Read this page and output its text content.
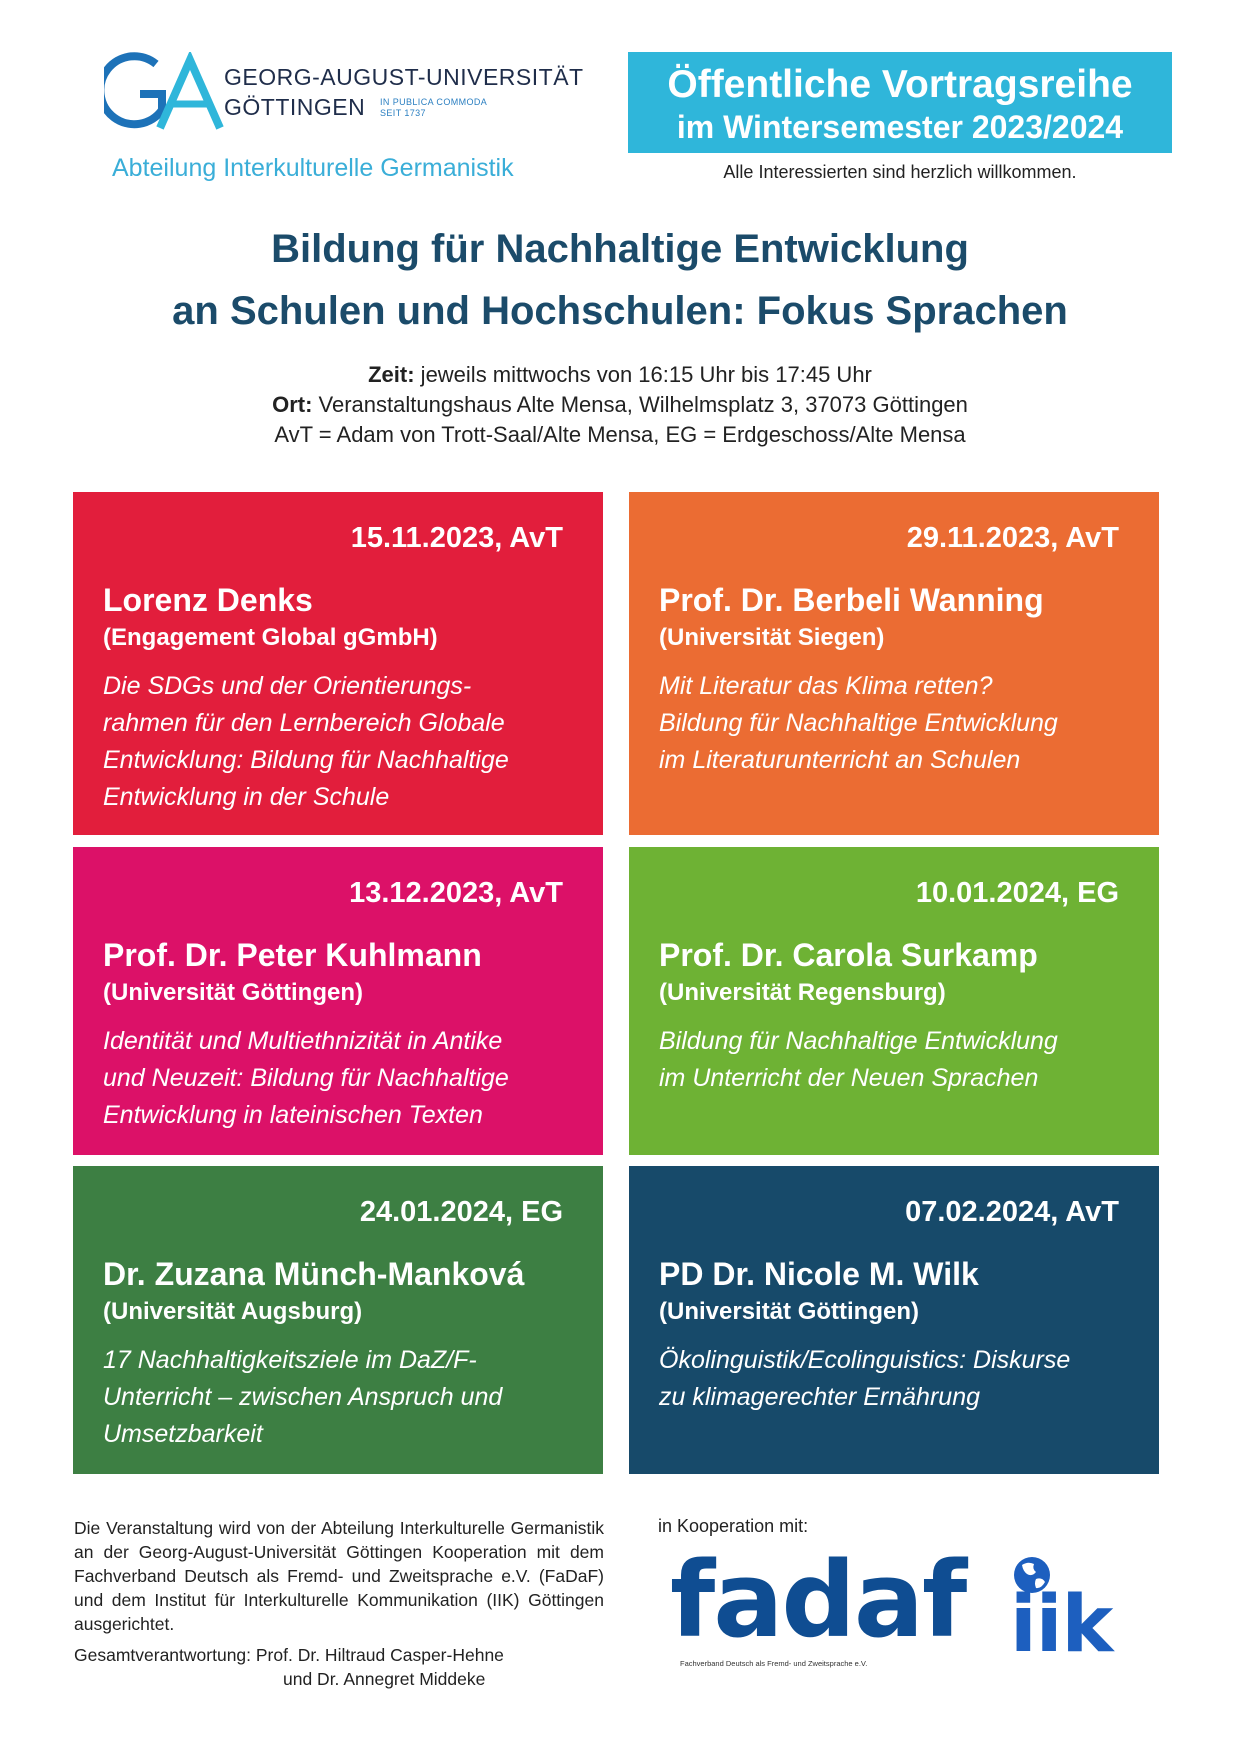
GEORG-AUGUST-UNIVERSITÄT
GÖTTINGEN IN PUBLICA COMMODA
SEIT 1737
Abteilung Interkulturelle Germanistik
Öffentliche Vortragsreihe
im Wintersemester 2023/2024
Alle Interessierten sind herzlich willkommen.
Bildung für Nachhaltige Entwicklung
an Schulen und Hochschulen: Fokus Sprachen
Zeit: jeweils mittwochs von 16:15 Uhr bis 17:45 Uhr
Ort: Veranstaltungshaus Alte Mensa, Wilhelmsplatz 3, 37073 Göttingen
AvT = Adam von Trott-Saal/Alte Mensa, EG = Erdgeschoss/Alte Mensa
15.11.2023, AvT
Lorenz Denks
(Engagement Global gGmbH)
Die SDGs und der Orientierungs-
rahmen für den Lernbereich Globale
Entwicklung: Bildung für Nachhaltige
Entwicklung in der Schule
29.11.2023, AvT
Prof. Dr. Berbeli Wanning
(Universität Siegen)
Mit Literatur das Klima retten?
Bildung für Nachhaltige Entwicklung
im Literaturunterricht an Schulen
13.12.2023, AvT
Prof. Dr. Peter Kuhlmann
(Universität Göttingen)
Identität und Multiethnizität in Antike
und Neuzeit: Bildung für Nachhaltige
Entwicklung in lateinischen Texten
10.01.2024, EG
Prof. Dr. Carola Surkamp
(Universität Regensburg)
Bildung für Nachhaltige Entwicklung
im Unterricht der Neuen Sprachen
24.01.2024, EG
Dr. Zuzana Münch-Manková
(Universität Augsburg)
17 Nachhaltigkeitsziele im DaZ/F-
Unterricht – zwischen Anspruch und
Umsetzbarkeit
07.02.2024, AvT
PD Dr. Nicole M. Wilk
(Universität Göttingen)
Ökolinguistik/Ecolinguistics: Diskurse
zu klimagerechter Ernährung
Die Veranstaltung wird von der Abteilung Interkulturelle Germanistik an der Georg-August-Universität Göttingen Kooperation mit dem Fachverband Deutsch als Fremd- und Zweitsprache e.V. (FaDaF) und dem Institut für Interkulturelle Kommunikation (IIK) Göttingen ausgerichtet.
Gesamtverantwortung: Prof. Dr. Hiltraud Casper-Hehne
und Dr. Annegret Middeke
in Kooperation mit:
fadaf
Fachverband Deutsch als Fremd- und Zweitsprache e.V. iik
